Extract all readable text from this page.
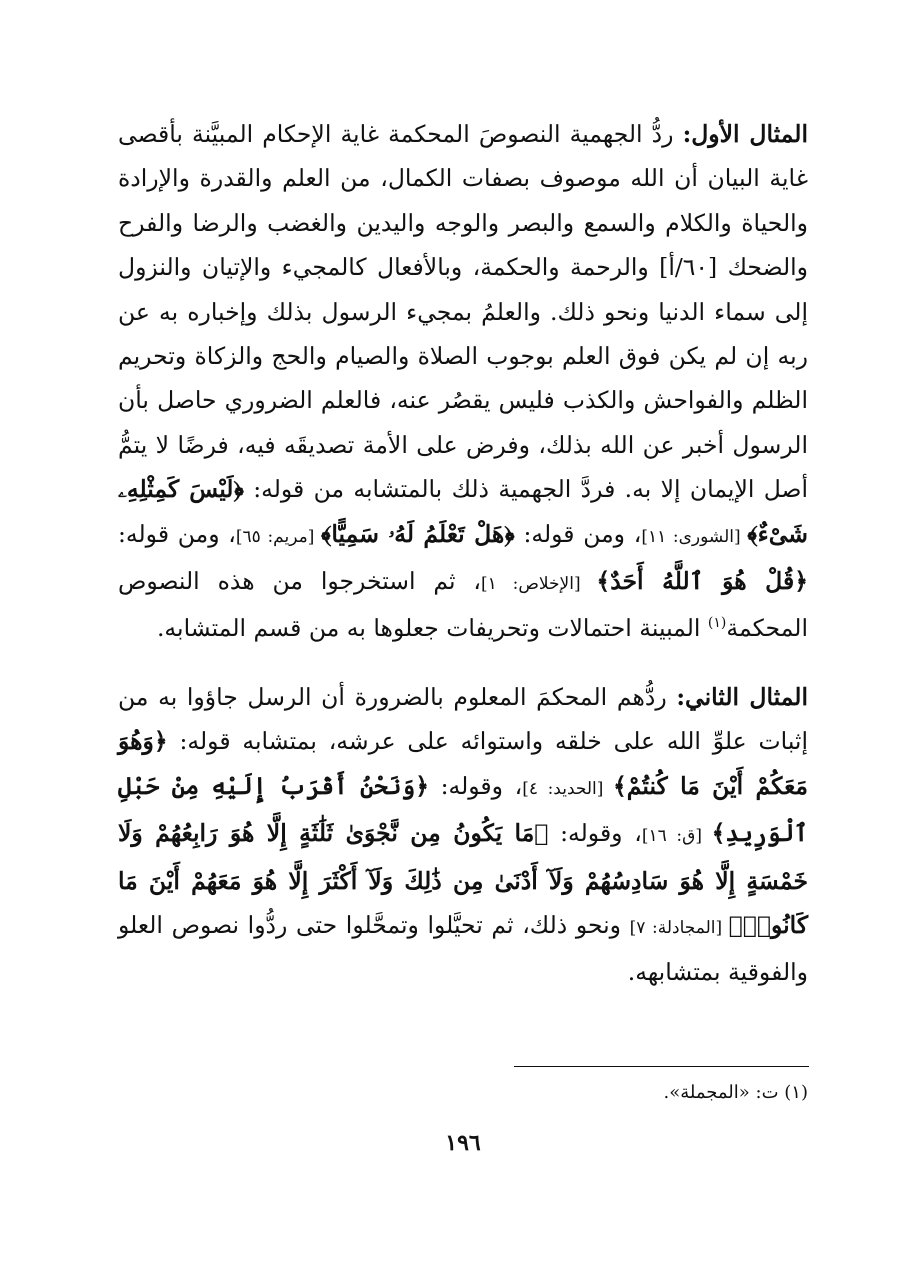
المثال الأول: ردُّ الجهمية النصوصَ المحكمة غاية الإحكام المبيَّنة بأقصى غاية البيان أن الله موصوف بصفات الكمال، من العلم والقدرة والإرادة والحياة والكلام والسمع والبصر والوجه واليدين والغضب والرضا والفرح والضحك [٦٠/أ] والرحمة والحكمة، وبالأفعال كالمجيء والإتيان والنزول إلى سماء الدنيا ونحو ذلك. والعلمُ بمجيء الرسول بذلك وإخباره به عن ربه إن لم يكن فوق العلم بوجوب الصلاة والصيام والحج والزكاة وتحريم الظلم والفواحش والكذب فليس يقصُر عنه، فالعلم الضروري حاصل بأن الرسول أخبر عن الله بذلك، وفرض على الأمة تصديقَه فيه، فرضًا لا يتمُّ أصل الإيمان إلا به. فردَّ الجهمية ذلك بالمتشابه من قوله: ﴿لَيْسَ كَمِثْلِهِۦ شَىْءٌ﴾ [الشورى: ١١]، ومن قوله: ﴿هَلْ تَعْلَمُ لَهُۥ سَمِيًّا﴾ [مريم: ٦٥]، ومن قوله: ﴿قُلْ هُوَ ٱللَّهُ أَحَدٌ﴾ [الإخلاص: ١]، ثم استخرجوا من هذه النصوص المحكمة$^{(١)}$ المبينة احتمالات وتحريفات جعلوها به من قسم المتشابه.

المثال الثاني: ردُّهم المحكمَ المعلوم بالضرورة أن الرسل جاؤوا به من إثبات علوِّ الله على خلقه واستوائه على عرشه، بمتشابه قوله: ﴿وَهُوَ مَعَكُمْ أَيْنَ مَا كُنتُمْ﴾ [الحديد: ٤]، وقوله: ﴿وَنَحْنُ أَقْرَبُ إِلَيْهِ مِنْ حَبْلِ ٱلْوَرِيدِ﴾ [ق: ١٦]، وقوله: ﴿مَا يَكُونُ مِن نَّجْوَىٰ ثَلَٰثَةٍ إِلَّا هُوَ رَابِعُهُمْ وَلَا خَمْسَةٍ إِلَّا هُوَ سَادِسُهُمْ وَلَآ أَدْنَىٰ مِن ذَٰلِكَ وَلَآ أَكْثَرَ إِلَّا هُوَ مَعَهُمْ أَيْنَ مَا كَانُوا۟﴾ [المجادلة: ٧] ونحو ذلك، ثم تحيَّلوا وتمحَّلوا حتى ردُّوا نصوص العلو والفوقية بمتشابهه.

(١) ت: «المجملة».

١٩٦
